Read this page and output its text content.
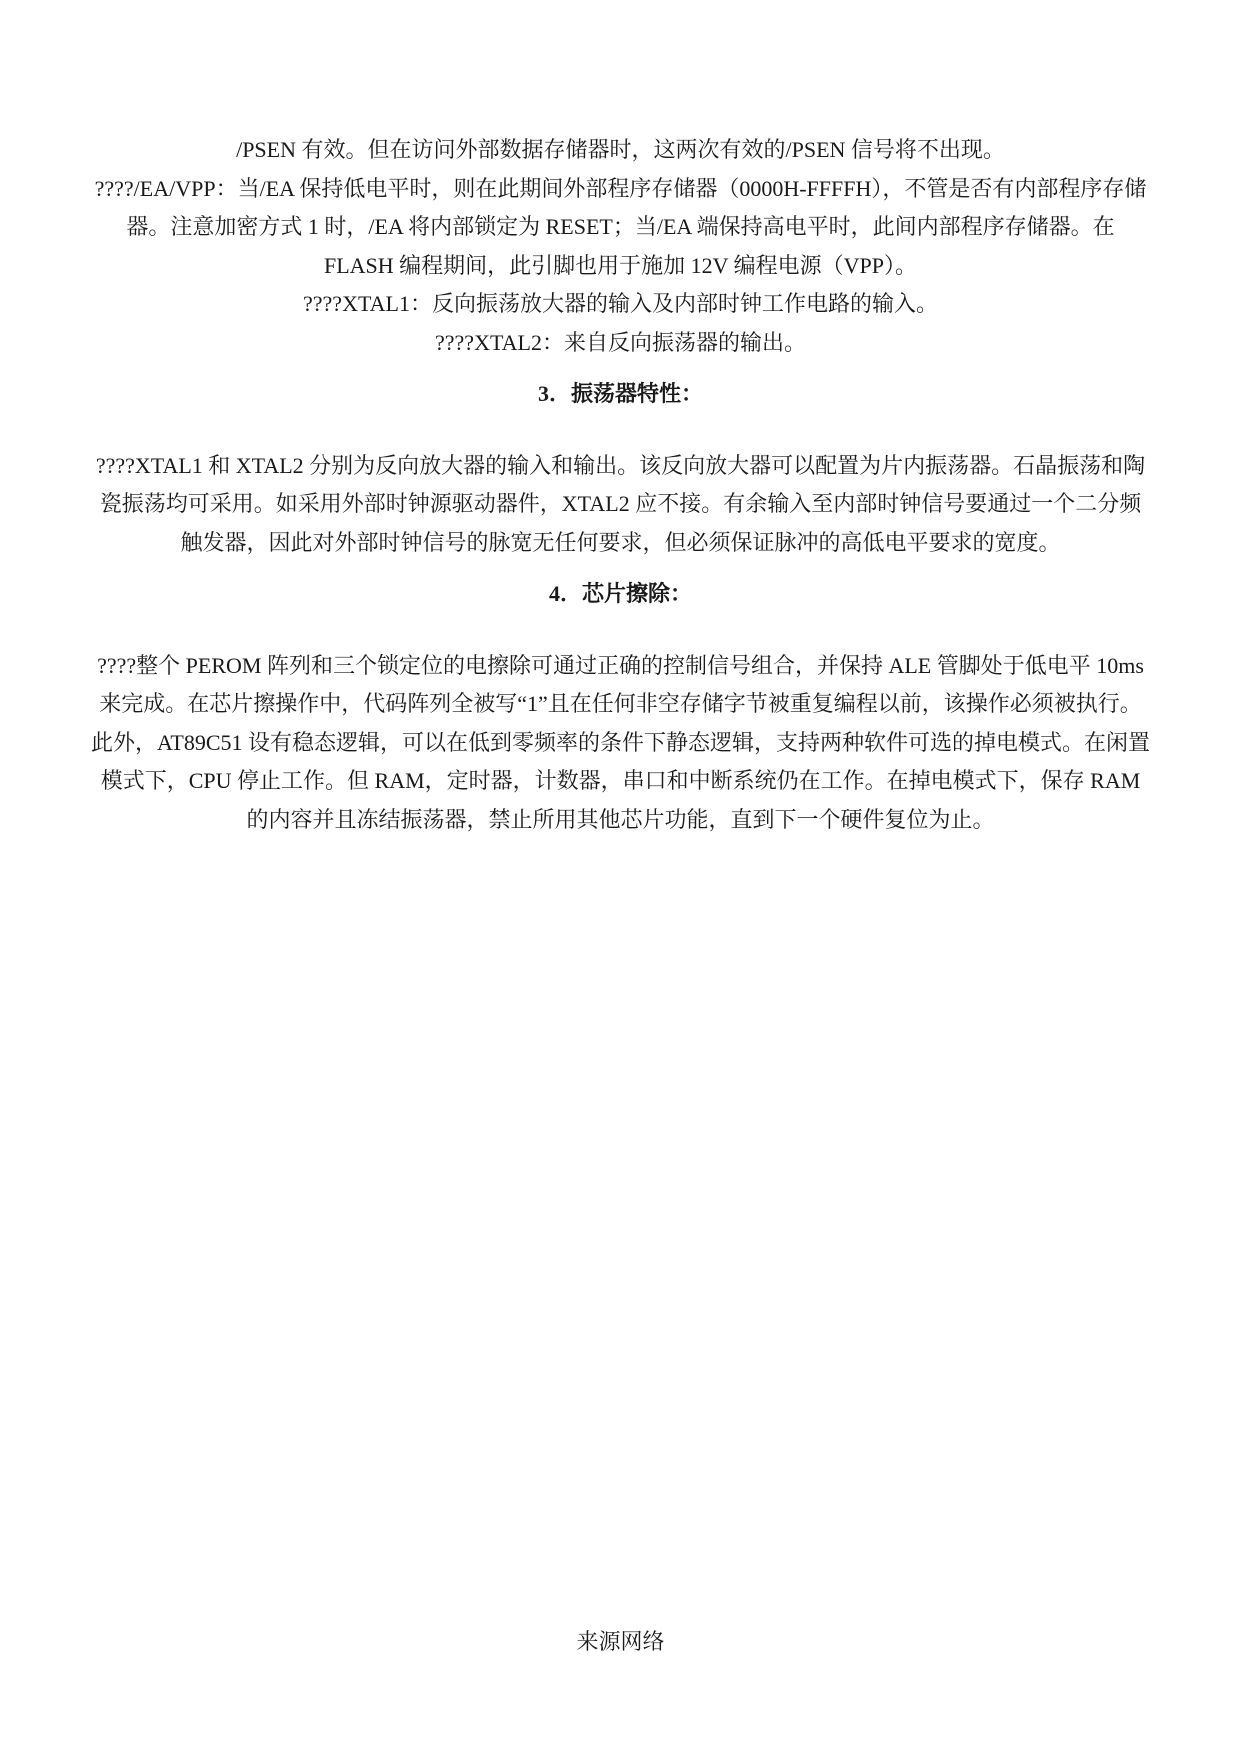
/PSEN 有效。但在访问外部数据存储器时，这两次有效的/PSEN 信号将不出现。

????/EA/VPP：当/EA 保持低电平时，则在此期间外部程序存储器（0000H-FFFFH），不管是否有内部程序存储器。注意加密方式 1 时，/EA 将内部锁定为 RESET；当/EA 端保持高电平时，此间内部程序存储器。在 FLASH 编程期间，此引脚也用于施加 12V 编程电源（VPP）。

????XTAL1：反向振荡放大器的输入及内部时钟工作电路的输入。

????XTAL2：来自反向振荡器的输出。

3．振荡器特性：

????XTAL1 和 XTAL2 分别为反向放大器的输入和输出。该反向放大器可以配置为片内振荡器。石晶振荡和陶瓷振荡均可采用。如采用外部时钟源驱动器件，XTAL2 应不接。有余输入至内部时钟信号要通过一个二分频触发器，因此对外部时钟信号的脉宽无任何要求，但必须保证脉冲的高低电平要求的宽度。

4．芯片擦除：

????整个 PEROM 阵列和三个锁定位的电擦除可通过正确的控制信号组合，并保持 ALE 管脚处于低电平 10ms 来完成。在芯片擦操作中，代码阵列全被写“1”且在任何非空存储字节被重复编程以前，该操作必须被执行。

此外，AT89C51 设有稳态逻辑，可以在低到零频率的条件下静态逻辑，支持两种软件可选的掉电模式。在闲置模式下，CPU 停止工作。但 RAM，定时器，计数器，串口和中断系统仍在工作。在掉电模式下，保存 RAM 的内容并且冻结振荡器，禁止所用其他芯片功能，直到下一个硬件复位为止。

来源网络
